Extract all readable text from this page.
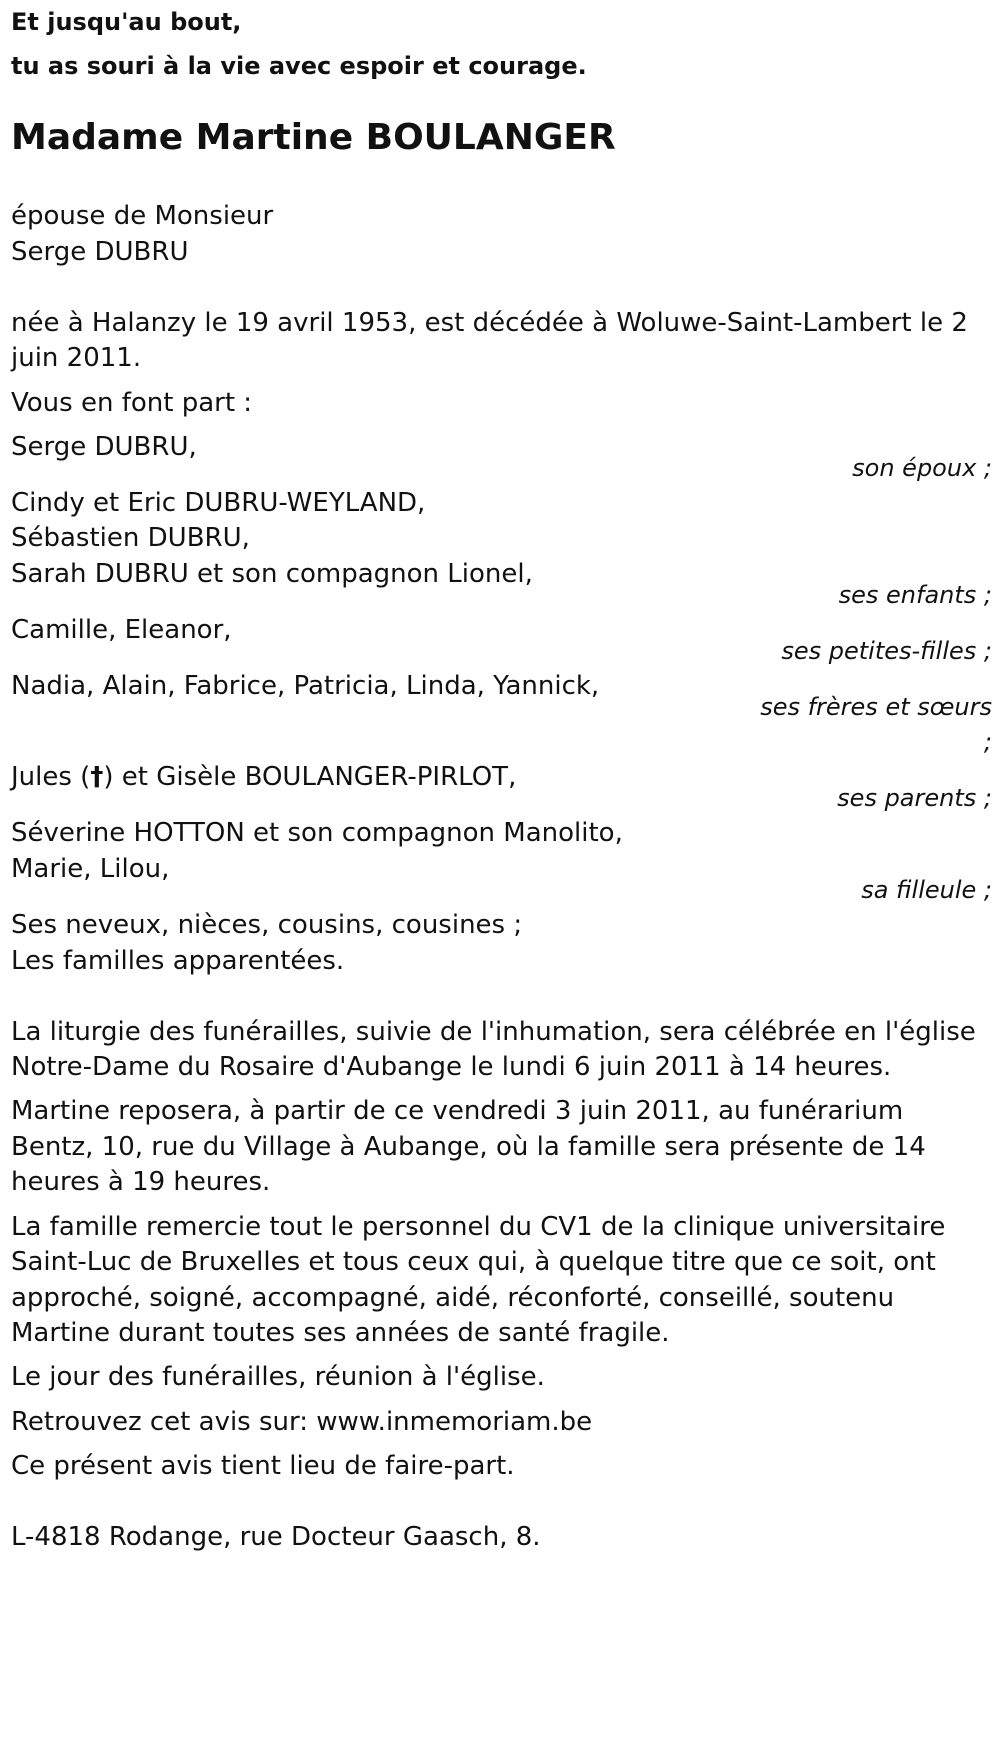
Et jusqu'au bout,

tu as souri à la vie avec espoir et courage.

Madame Martine BOULANGER

épouse de Monsieur

Serge DUBRU

née à Halanzy le 19 avril 1953, est décédée à Woluwe-Saint-Lambert le 2

juin 2011.

Vous en font part :

Serge DUBRU,

son époux ;

Cindy et Eric DUBRU-WEYLAND,

Sébastien DUBRU,

Sarah DUBRU et son compagnon Lionel,

ses enfants ;

Camille, Eleanor,

ses petites-filles ;

Nadia, Alain, Fabrice, Patricia, Linda, Yannick,

ses frères et sœurs
;

Jules (†) et Gisèle BOULANGER-PIRLOT,

ses parents ;

Séverine HOTTON et son compagnon Manolito,

Marie, Lilou,

sa filleule ;

Ses neveux, nièces, cousins, cousines ;

Les familles apparentées.

La liturgie des funérailles, suivie de l'inhumation, sera célébrée en l'église

Notre-Dame du Rosaire d'Aubange le lundi 6 juin 2011 à 14 heures.

Martine reposera, à partir de ce vendredi 3 juin 2011, au funérarium

Bentz, 10, rue du Village à Aubange, où la famille sera présente de 14

heures à 19 heures.

La famille remercie tout le personnel du CV1 de la clinique universitaire

Saint-Luc de Bruxelles et tous ceux qui, à quelque titre que ce soit, ont

approché, soigné, accompagné, aidé, réconforté, conseillé, soutenu

Martine durant toutes ses années de santé fragile.

Le jour des funérailles, réunion à l'église.

Retrouvez cet avis sur: www.inmemoriam.be

Ce présent avis tient lieu de faire-part.

L-4818 Rodange, rue Docteur Gaasch, 8.
